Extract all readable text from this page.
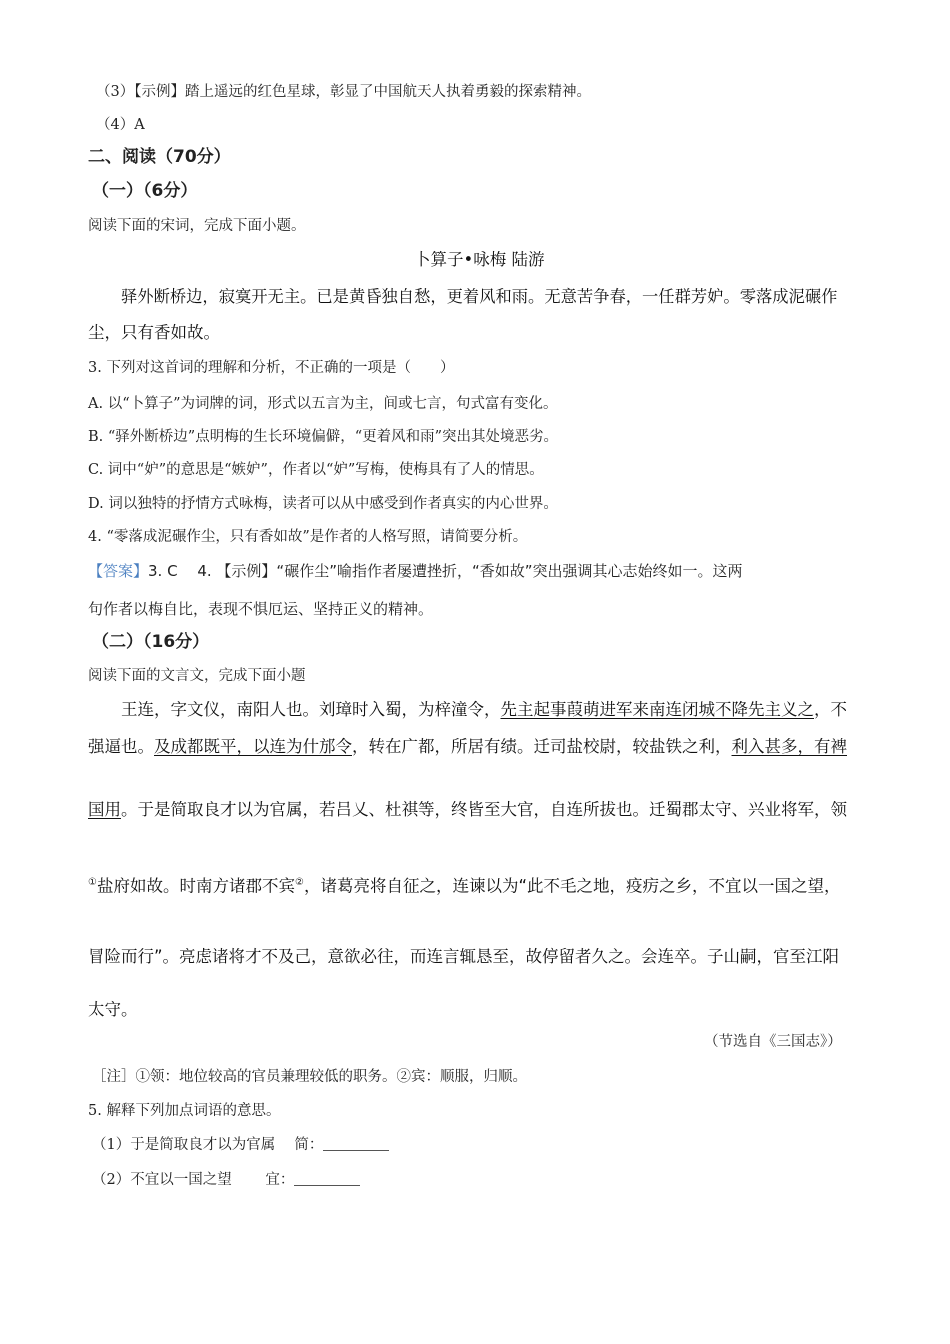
（3）【示例】踏上遥远的红色星球，彰显了中国航天人执着勇毅的探索精神。
（4）A
二、阅读（70分）
（一）（6分）
阅读下面的宋词，完成下面小题。
卜算子•咏梅 陆游
驿外断桥边，寂寞开无主。已是黄昏独自愁，更着风和雨。无意苦争春，一任群芳妒。零落成泥碾作
尘，只有香如故。
3. 下列对这首词的理解和分析，不正确的一项是（　　）
A. 以“卜算子”为词牌的词，形式以五言为主，间或七言，句式富有变化。
B. “驿外断桥边”点明梅的生长环境偏僻，“更着风和雨”突出其处境恶劣。
C. 词中“妒”的意思是“嫉妒”，作者以“妒”写梅，使梅具有了人的情思。
D. 词以独特的抒情方式咏梅，读者可以从中感受到作者真实的内心世界。
4. “零落成泥碾作尘，只有香如故”是作者的人格写照，请简要分析。
【答案】3. C　 4. 【示例】“碾作尘”喻指作者屡遭挫折，“香如故”突出强调其心志始终如一。这两
句作者以梅自比，表现不惧厄运、坚持正义的精神。
（二）（16分）
阅读下面的文言文，完成下面小题
王连，字文仪，南阳人也。刘璋时入蜀，为梓潼令，先主起事葭萌进军来南连闭城不降先主义之，不
强逼也。及成都既平，以连为什邡令，转在广都，所居有绩。迁司盐校尉，较盐铁之利，利入甚多，有裨
国用。于是简取良才以为官属，若吕乂、杜祺等，终皆至大官，自连所拔也。迁蜀郡太守、兴业将军，领
①盐府如故。时南方诸郡不宾②，诸葛亮将自征之，连谏以为“此不毛之地，疫疠之乡，不宜以一国之望，
冒险而行”。亮虑诸将才不及己，意欲必往，而连言辄恳至，故停留者久之。会连卒。子山嗣，官至江阳
太守。
（节选自《三国志》）
［注］①领：地位较高的官员兼理较低的职务。②宾：顺服，归顺。
5. 解释下列加点词语的意思。
（1）于是简取良才以为官属　 简：
（2）不宜以一国之望　　 宜：
